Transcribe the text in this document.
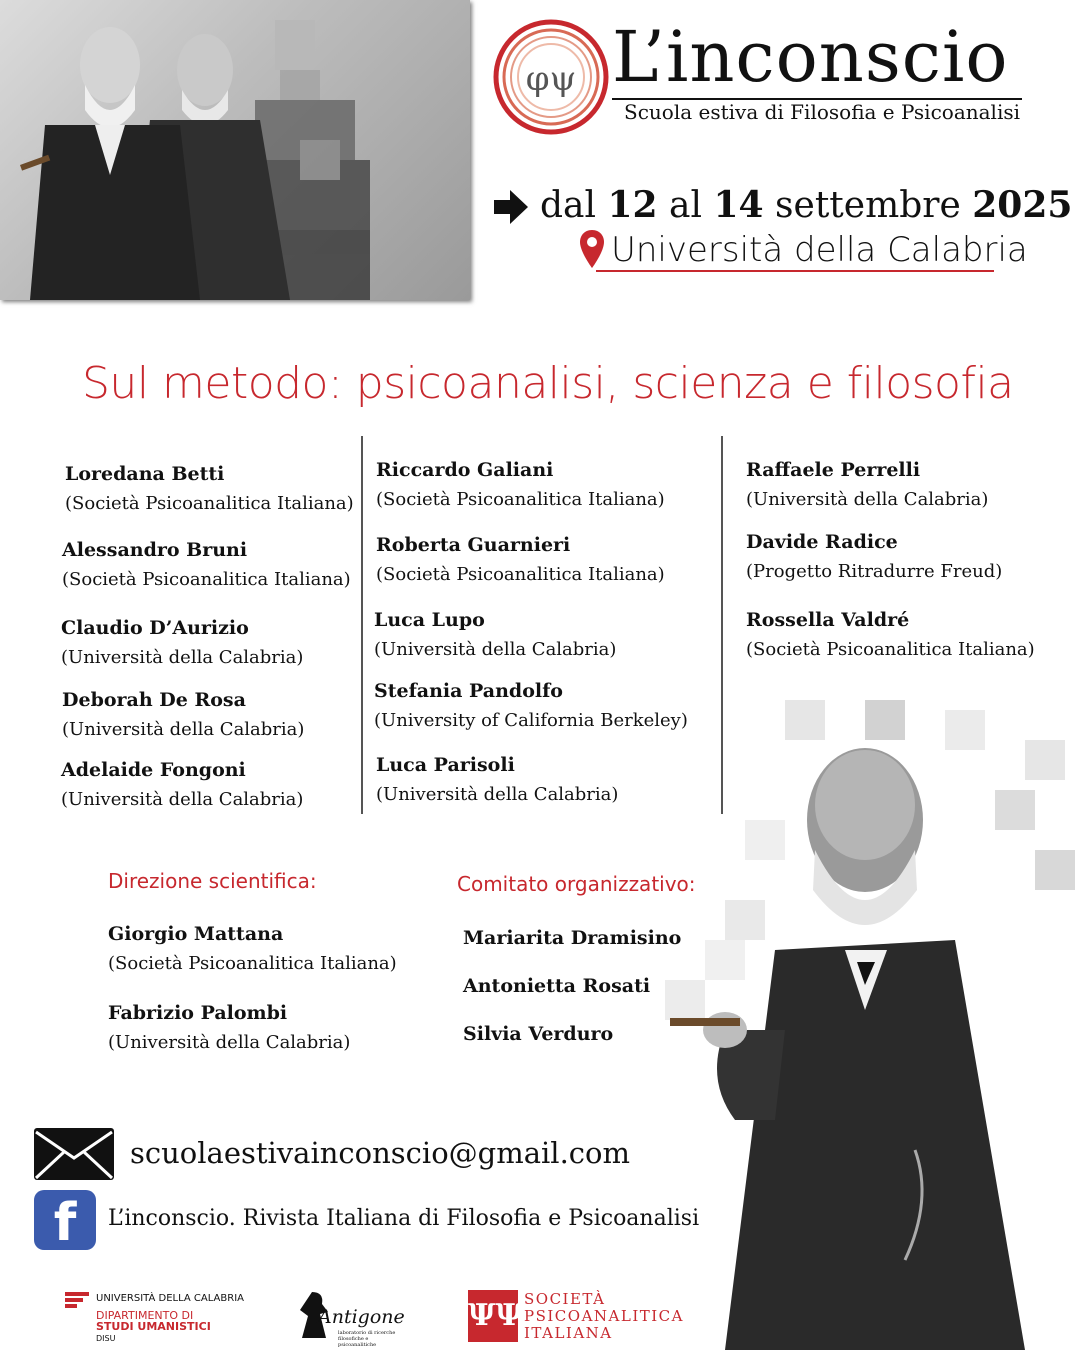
φψ L’inconscio
Scuola estiva di Filosofia e Psicoanalisi
dal 12 al 14 settembre 2025
Università della Calabria
Sul metodo: psicoanalisi, scienza e filosofia
Loredana Betti
(Società Psicoanalitica Italiana)
Alessandro Bruni
(Società Psicoanalitica Italiana)
Claudio D’Aurizio
(Università della Calabria)
Deborah De Rosa
(Università della Calabria)
Adelaide Fongoni
(Università della Calabria)
Riccardo Galiani
(Società Psicoanalitica Italiana)
Roberta Guarnieri
(Società Psicoanalitica Italiana)
Luca Lupo
(Università della Calabria)
Stefania Pandolfo
(University of California Berkeley)
Luca Parisoli
(Università della Calabria)
Raffaele Perrelli
(Università della Calabria)
Davide Radice
(Progetto Ritradurre Freud)
Rossella Valdré
(Società Psicoanalitica Italiana)
Direzione scientifica:
Giorgio Mattana
(Società Psicoanalitica Italiana)
Fabrizio Palombi
(Università della Calabria)
Comitato organizzativo:
Mariarita Dramisino
Antonietta Rosati
Silvia Verduro
scuolaestivainconscio@gmail.com
f	L’inconscio. Rivista Italiana di Filosofia e Psicoanalisi
UNIVERSITÀ DELLA CALABRIA
DIPARTIMENTO DI
STUDI UMANISTICI
DISU
Antigone
laboratorio di ricerche filosofiche e psicoanalitiche
ΨΨ SOCIETÀ
PSICOANALITICA
ITALIANA
